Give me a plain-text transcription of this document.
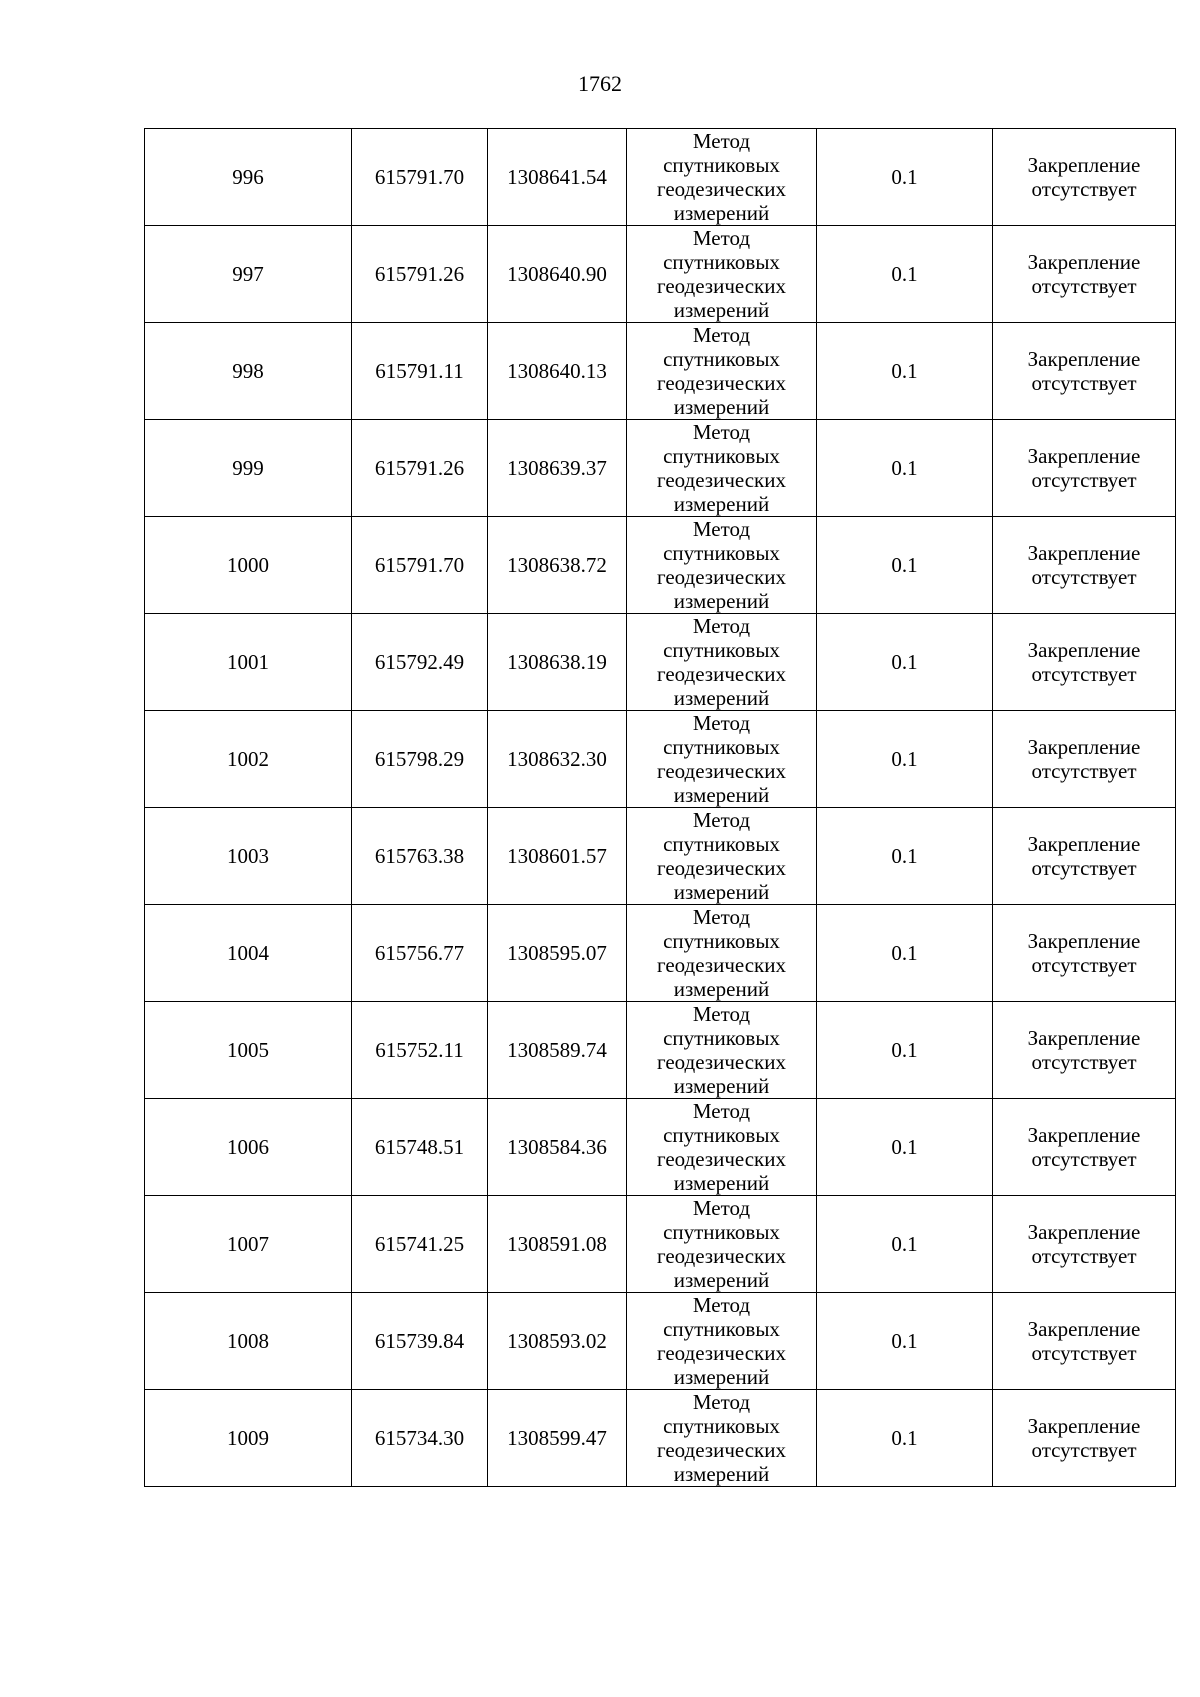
1762
996	615791.70	1308641.54	Метод
спутниковых
геодезических
измерений	0.1	Закрепление
отсутствует

997	615791.26	1308640.90	Метод
спутниковых
геодезических
измерений	0.1	Закрепление
отсутствует

998	615791.11	1308640.13	Метод
спутниковых
геодезических
измерений	0.1	Закрепление
отсутствует

999	615791.26	1308639.37	Метод
спутниковых
геодезических
измерений	0.1	Закрепление
отсутствует

1000	615791.70	1308638.72	Метод
спутниковых
геодезических
измерений	0.1	Закрепление
отсутствует

1001	615792.49	1308638.19	Метод
спутниковых
геодезических
измерений	0.1	Закрепление
отсутствует

1002	615798.29	1308632.30	Метод
спутниковых
геодезических
измерений	0.1	Закрепление
отсутствует

1003	615763.38	1308601.57	Метод
спутниковых
геодезических
измерений	0.1	Закрепление
отсутствует

1004	615756.77	1308595.07	Метод
спутниковых
геодезических
измерений	0.1	Закрепление
отсутствует

1005	615752.11	1308589.74	Метод
спутниковых
геодезических
измерений	0.1	Закрепление
отсутствует

1006	615748.51	1308584.36	Метод
спутниковых
геодезических
измерений	0.1	Закрепление
отсутствует

1007	615741.25	1308591.08	Метод
спутниковых
геодезических
измерений	0.1	Закрепление
отсутствует

1008	615739.84	1308593.02	Метод
спутниковых
геодезических
измерений	0.1	Закрепление
отсутствует

1009	615734.30	1308599.47	Метод
спутниковых
геодезических
измерений	0.1	Закрепление
отсутствует
